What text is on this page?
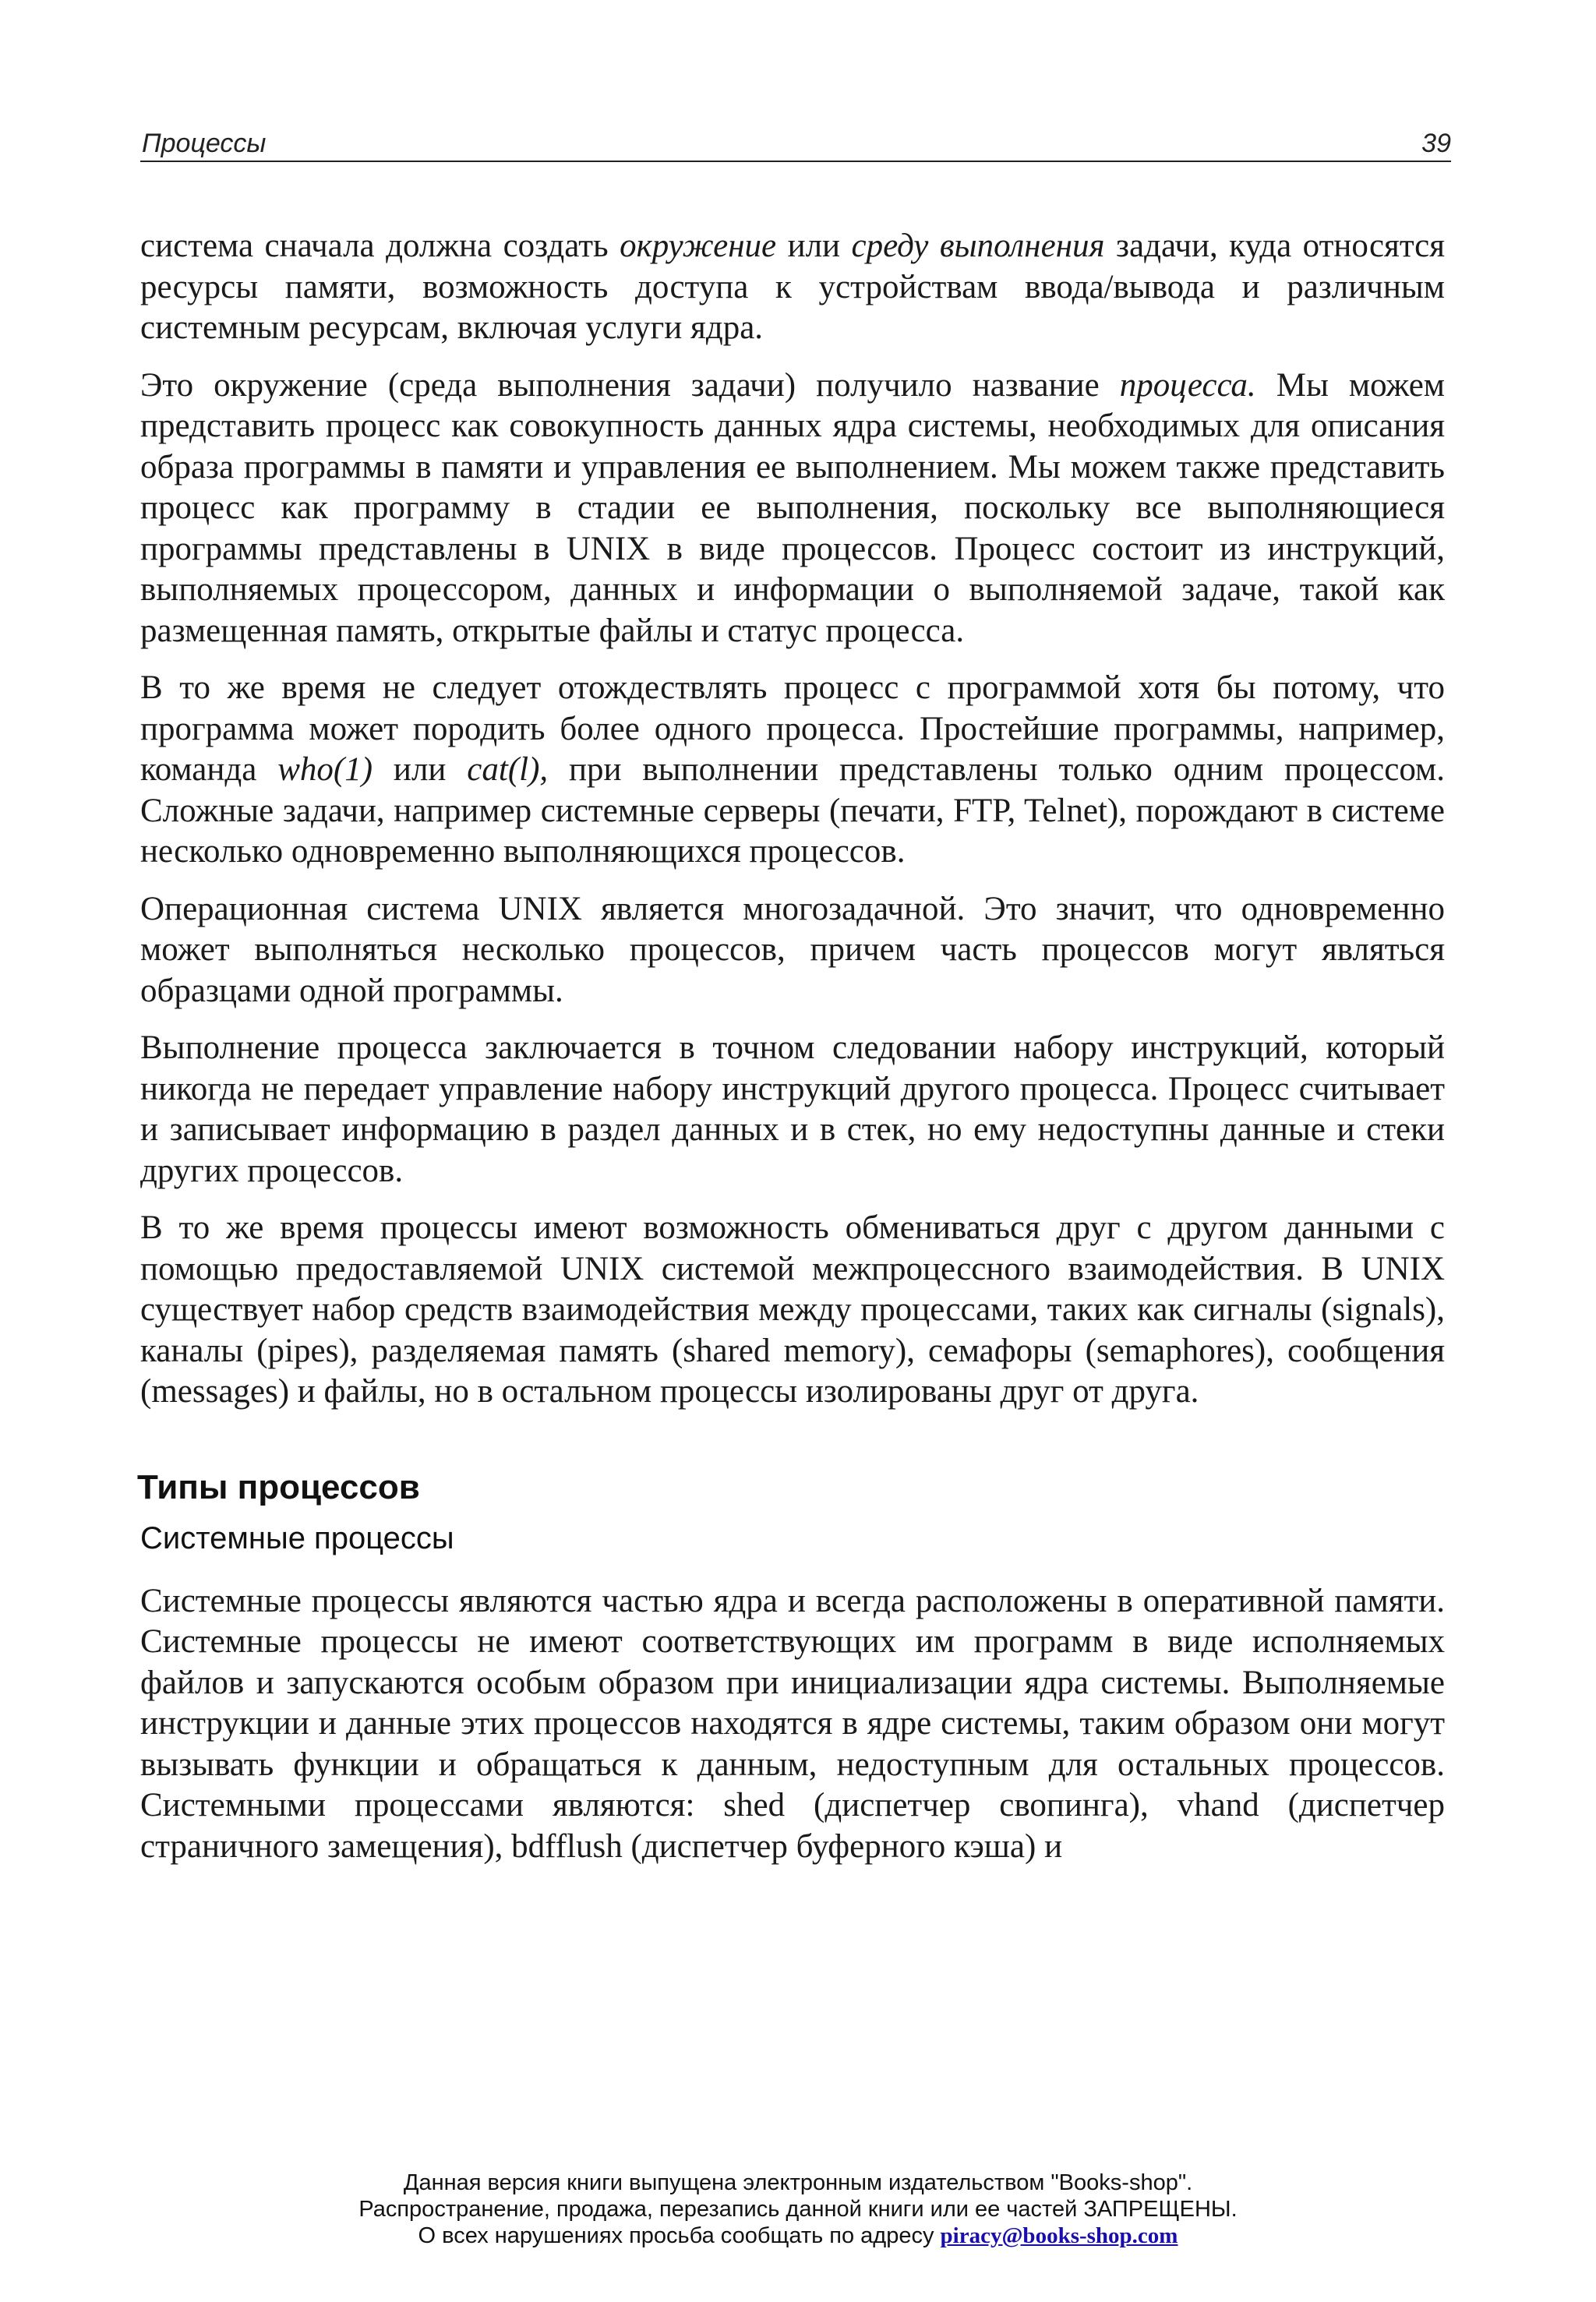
Процессы	39

система сначала должна создать окружение или среду выполнения задачи, куда относятся ресурсы памяти, возможность доступа к устройствам ввода/вывода и различным системным ресурсам, включая услуги ядра.

Это окружение (среда выполнения задачи) получило название процесса. Мы можем представить процесс как совокупность данных ядра системы, необходимых для описания образа программы в памяти и управления ее выполнением. Мы можем также представить процесс как программу в стадии ее выполнения, поскольку все выполняющиеся программы представлены в UNIX в виде процессов. Процесс состоит из инструкций, выполняемых процессором, данных и информации о выполняемой задаче, такой как размещенная память, открытые файлы и статус процесса.

В то же время не следует отождествлять процесс с программой хотя бы потому, что программа может породить более одного процесса. Простейшие программы, например, команда who(1) или cat(l), при выполнении представлены только одним процессом. Сложные задачи, например системные серверы (печати, FTP, Telnet), порождают в системе несколько одновременно выполняющихся процессов.

Операционная система UNIX является многозадачной. Это значит, что одновременно может выполняться несколько процессов, причем часть процессов могут являться образцами одной программы.

Выполнение процесса заключается в точном следовании набору инструкций, который никогда не передает управление набору инструкций другого процесса. Процесс считывает и записывает информацию в раздел данных и в стек, но ему недоступны данные и стеки других процессов.

В то же время процессы имеют возможность обмениваться друг с другом данными с помощью предоставляемой UNIX системой межпроцессного взаимодействия. В UNIX существует набор средств взаимодействия между процессами, таких как сигналы (signals), каналы (pipes), разделяемая память (shared memory), семафоры (semaphores), сообщения (messages) и файлы, но в остальном процессы изолированы друг от друга.

Типы процессов
Системные процессы

Системные процессы являются частью ядра и всегда расположены в оперативной памяти. Системные процессы не имеют соответствующих им программ в виде исполняемых файлов и запускаются особым образом при инициализации ядра системы. Выполняемые инструкции и данные этих процессов находятся в ядре системы, таким образом они могут вызывать функции и обращаться к данным, недоступным для остальных процессов. Системными процессами являются: shed (диспетчер свопинга), vhand (диспетчер страничного замещения), bdfflush (диспетчер буферного кэша) и

Данная версия книги выпущена электронным издательством "Books-shop".
Распространение, продажа, перезапись данной книги или ее частей ЗАПРЕЩЕНЫ.
О всех нарушениях просьба сообщать по адресу piracy@books-shop.com
